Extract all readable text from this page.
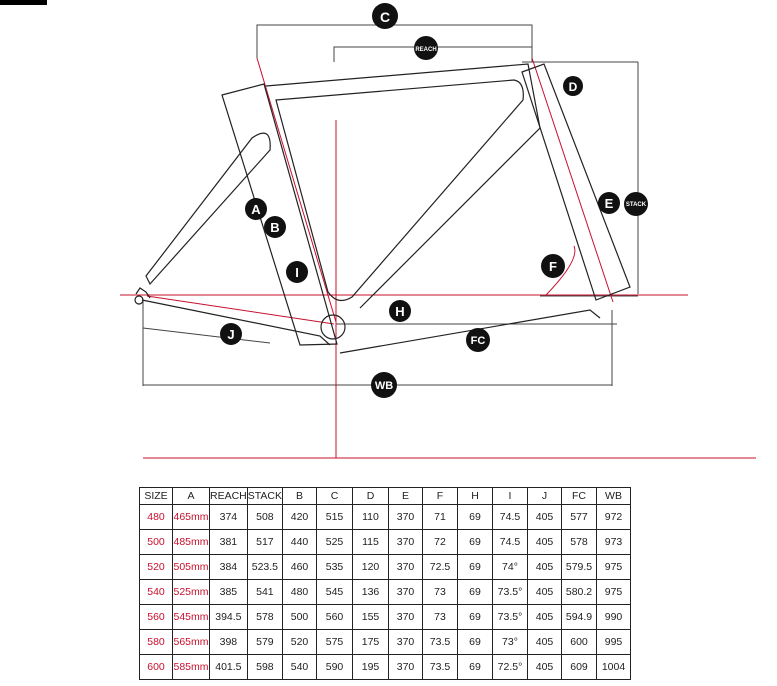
C
REACH
D
E STACK
A
B
F
I
H
J	FC
WB
SIZE	A	REACH	STACK	B	C	D	E	F	H	I	J	FC	WB
480	465mm	374	508	420	515	110	370	71	69	74.5	405	577	972
500	485mm	381	517	440	525	115	370	72	69	74.5	405	578	973
520	505mm	384	523.5	460	535	120	370	72.5	69	74°	405	579.5	975
540	525mm	385	541	480	545	136	370	73	69	73.5°	405	580.2	975
560	545mm	394.5	578	500	560	155	370	73	69	73.5°	405	594.9	990
580	565mm	398	579	520	575	175	370	73.5	69	73°	405	600	995
600	585mm	401.5	598	540	590	195	370	73.5	69	72.5°	405	609	1004
